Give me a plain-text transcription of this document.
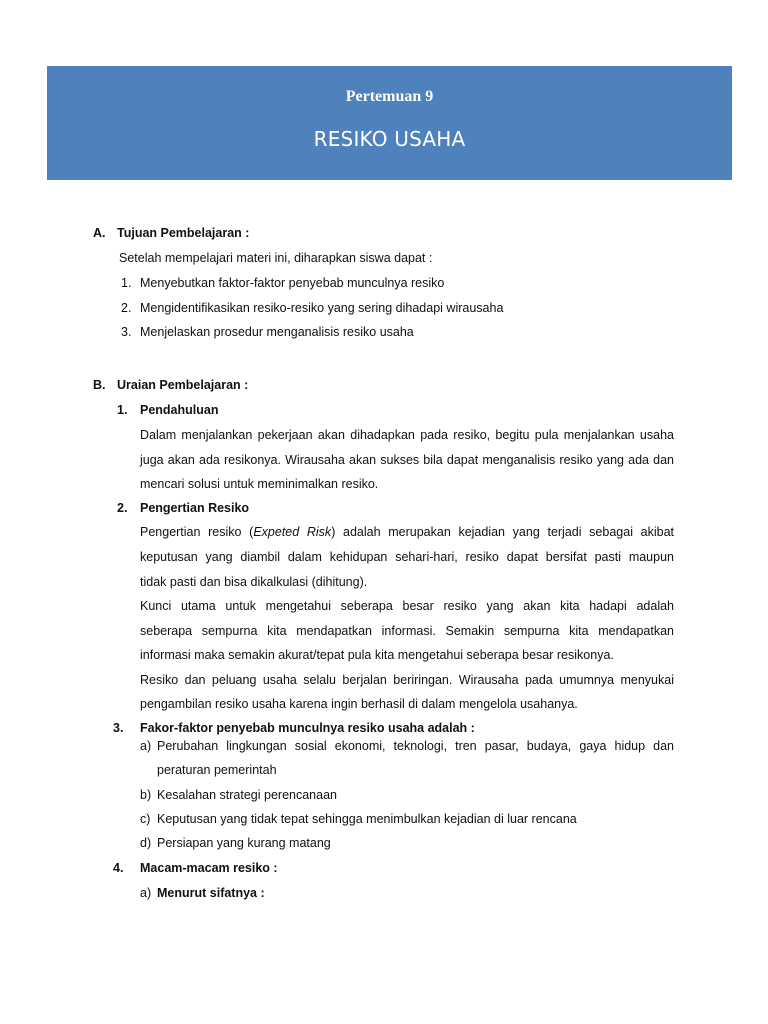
Pertemuan 9
RESIKO USAHA
A. Tujuan Pembelajaran :
Setelah mempelajari materi ini, diharapkan siswa dapat :
1. Menyebutkan faktor-faktor penyebab munculnya resiko
2. Mengidentifikasikan resiko-resiko yang sering dihadapi wirausaha
3. Menjelaskan prosedur menganalisis resiko usaha
B. Uraian Pembelajaran :
1. Pendahuluan
Dalam menjalankan pekerjaan akan dihadapkan pada resiko, begitu pula menjalankan usaha
juga akan ada resikonya. Wirausaha akan sukses bila dapat menganalisis resiko yang ada dan
mencari solusi untuk meminimalkan resiko.
2. Pengertian Resiko
Pengertian resiko (Expeted Risk) adalah merupakan kejadian yang terjadi sebagai akibat
keputusan yang diambil dalam kehidupan sehari-hari, resiko dapat bersifat pasti maupun
tidak pasti dan bisa dikalkulasi (dihitung).
Kunci utama untuk mengetahui seberapa besar resiko yang akan kita hadapi adalah
seberapa sempurna kita mendapatkan informasi. Semakin sempurna kita mendapatkan
informasi maka semakin akurat/tepat pula kita mengetahui seberapa besar resikonya.
Resiko dan peluang usaha selalu berjalan beriringan. Wirausaha pada umumnya menyukai
pengambilan resiko usaha karena ingin berhasil di dalam mengelola usahanya.
3. Fakor-faktor penyebab munculnya resiko usaha adalah :
a) Perubahan lingkungan sosial ekonomi, teknologi, tren pasar, budaya, gaya hidup dan
peraturan pemerintah
b) Kesalahan strategi perencanaan
c) Keputusan yang tidak tepat sehingga menimbulkan kejadian di luar rencana
d) Persiapan yang kurang matang
4. Macam-macam resiko :
a) Menurut sifatnya :
